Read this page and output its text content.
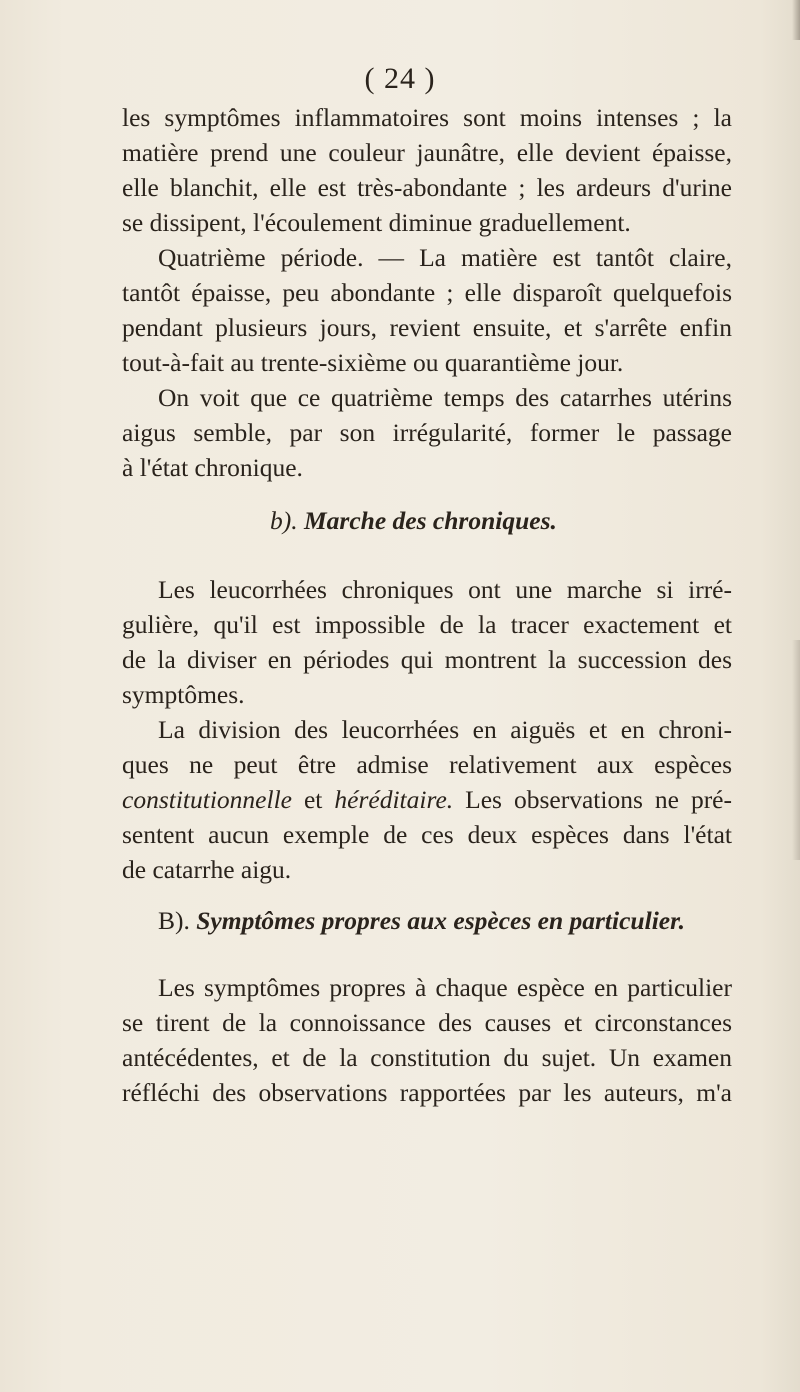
( 24 )
les symptômes inflammatoires sont moins intenses ; la
matière prend une couleur jaunâtre, elle devient épaisse,
elle blanchit, elle est très-abondante ; les ardeurs d'urine
se dissipent, l'écoulement diminue graduellement.
Quatrième période. — La matière est tantôt claire,
tantôt épaisse, peu abondante ; elle disparoît quelquefois
pendant plusieurs jours, revient ensuite, et s'arrête enfin
tout-à-fait au trente-sixième ou quarantième jour.
On voit que ce quatrième temps des catarrhes utérins
aigus semble, par son irrégularité, former le passage
à l'état chronique.
b). Marche des chroniques.
Les leucorrhées chroniques ont une marche si irré-
gulière, qu'il est impossible de la tracer exactement et
de la diviser en périodes qui montrent la succession des
symptômes.
La division des leucorrhées en aiguës et en chroni-
ques ne peut être admise relativement aux espèces
constitutionnelle et héréditaire. Les observations ne pré-
sentent aucun exemple de ces deux espèces dans l'état
de catarrhe aigu.
B). Symptômes propres aux espèces en particulier.
Les symptômes propres à chaque espèce en particulier
se tirent de la connoissance des causes et circonstances
antécédentes, et de la constitution du sujet. Un examen
réfléchi des observations rapportées par les auteurs, m'a
